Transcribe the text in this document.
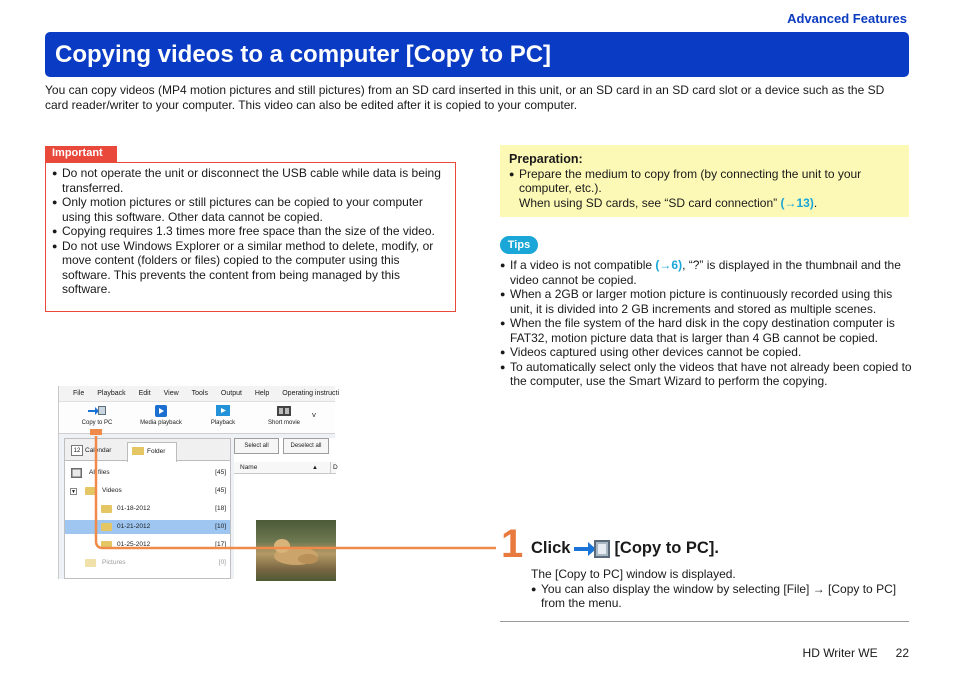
Advanced Features
Copying videos to a computer [Copy to PC]

You can copy videos (MP4 motion pictures and still pictures) from an SD card inserted in this unit, or an SD card in an SD card slot or a device such as the SD card reader/writer to your computer. This video can also be edited after it is copied to your computer.

Important
● Do not operate the unit or disconnect the USB cable while data is being transferred.
● Only motion pictures or still pictures can be copied to your computer using this software. Other data cannot be copied.
● Copying requires 1.3 times more free space than the size of the video.
● Do not use Windows Explorer or a similar method to delete, modify, or move content (folders or files) copied to the computer using this software. This prevents the content from being managed by this software.
Preparation:
● Prepare the medium to copy from (by connecting the unit to your computer, etc.).
When using SD cards, see “SD card connection” (→13).
Tips
● If a video is not compatible (→6), “?” is displayed in the thumbnail and the video cannot be copied.
● When a 2GB or larger motion picture is continuously recorded using this unit, it is divided into 2 GB increments and stored as multiple scenes.
● When the file system of the hard disk in the copy destination computer is FAT32, motion picture data that is larger than 4 GB cannot be copied.
● Videos captured using other devices cannot be copied.
● To automatically select only the videos that have not already been copied to the computer, use the Smart Wizard to perform the copying.
File Playback Edit View Tools Output Help Operating instructi
Copy to PC	Media playback	Playback	Short movie
˅
12 Calendar	Folder
All files	[45]
▼	Videos	[45]
01-18-2012	[18]
01-21-2012	[10]
01-25-2012	[17]
Pictures	[0]
Select all	Deselect all
Name	▲	D
1 Click	[Copy to PC].
The [Copy to PC] window is displayed.
● You can also display the window by selecting [File] → [Copy to PC] from the menu.
HD Writer WE 22
